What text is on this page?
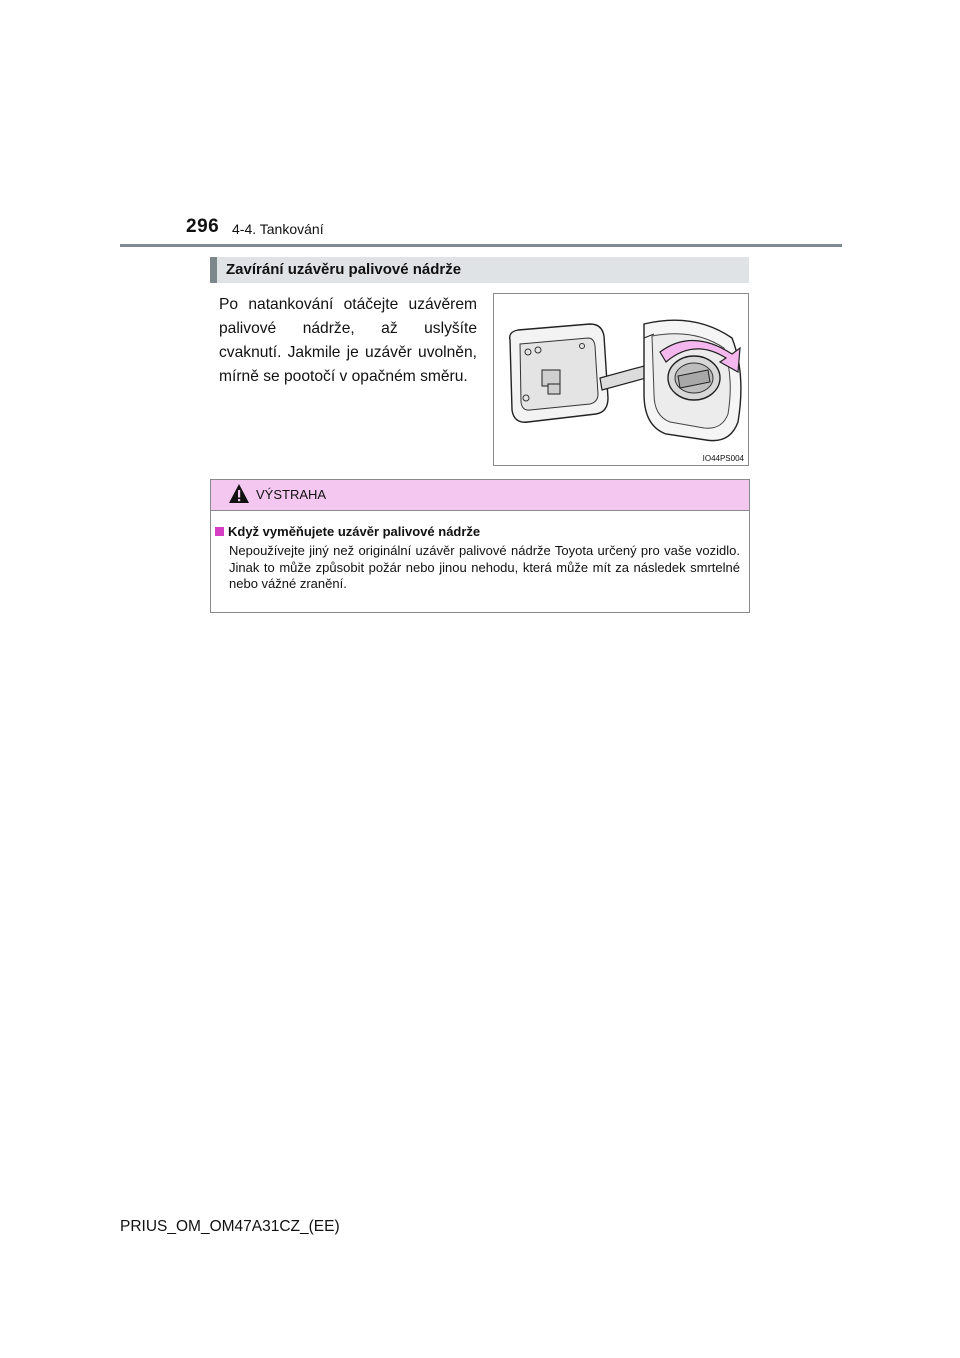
296 4-4. Tankování
Zavírání uzávěru palivové nádrže
Po natankování otáčejte uzávěrem palivové nádrže, až uslyšíte cvaknutí. Jakmile je uzávěr uvolněn, mírně se pootočí v opačném směru.
IO44PS004
VÝSTRAHA
Když vyměňujete uzávěr palivové nádrže
Nepoužívejte jiný než originální uzávěr palivové nádrže Toyota určený pro vaše vozidlo. Jinak to může způsobit požár nebo jinou nehodu, která může mít za následek smrtelné nebo vážné zranění.
PRIUS_OM_OM47A31CZ_(EE)
